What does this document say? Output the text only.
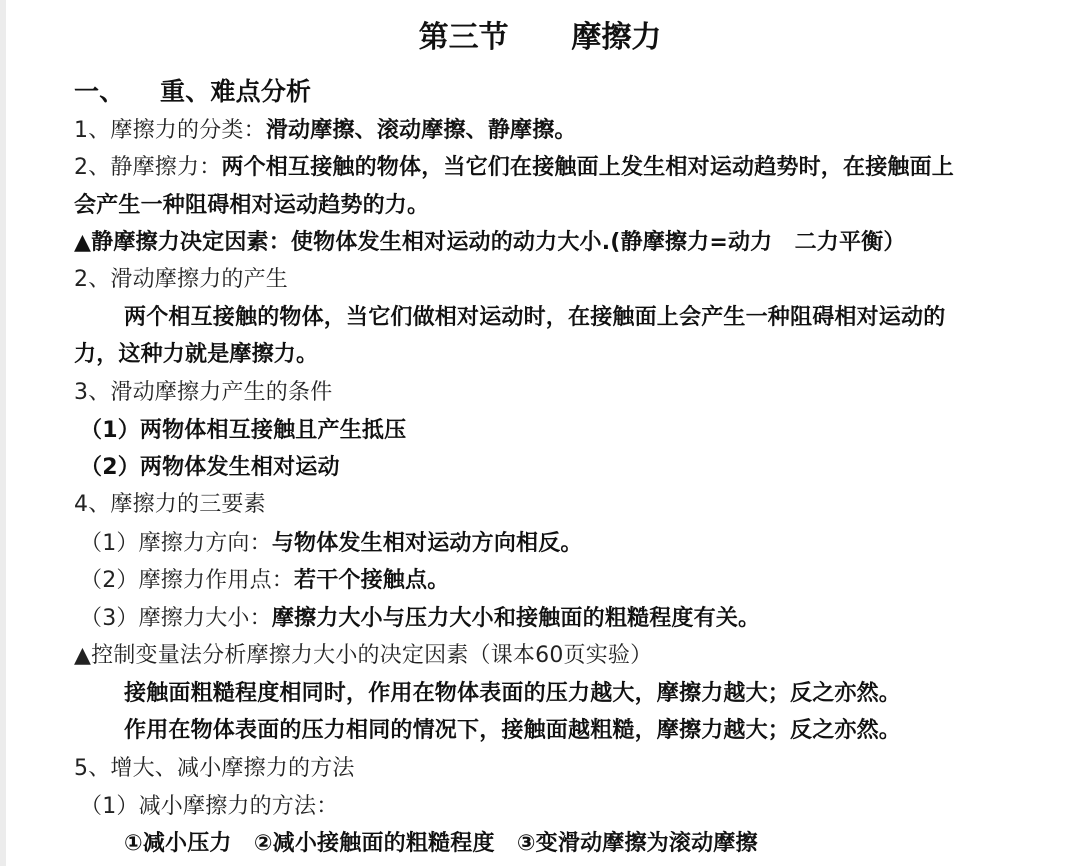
第三节      摩擦力
一、    重、难点分析
1、摩擦力的分类：滑动摩擦、滚动摩擦、静摩擦。
2、静摩擦力：两个相互接触的物体，当它们在接触面上发生相对运动趋势时，在接触面上
会产生一种阻碍相对运动趋势的力。
▲静摩擦力决定因素：使物体发生相对运动的动力大小.(静摩擦力=动力　二力平衡）
2、滑动摩擦力的产生
两个相互接触的物体，当它们做相对运动时，在接触面上会产生一种阻碍相对运动的
力，这种力就是摩擦力。
3、滑动摩擦力产生的条件
（1）两物体相互接触且产生抵压
（2）两物体发生相对运动
4、摩擦力的三要素
（1）摩擦力方向：与物体发生相对运动方向相反。
（2）摩擦力作用点：若干个接触点。
（3）摩擦力大小：摩擦力大小与压力大小和接触面的粗糙程度有关。
▲控制变量法分析摩擦力大小的决定因素（课本60页实验）
接触面粗糙程度相同时，作用在物体表面的压力越大，摩擦力越大；反之亦然。
作用在物体表面的压力相同的情况下，接触面越粗糙，摩擦力越大；反之亦然。
5、增大、减小摩擦力的方法
（1）减小摩擦力的方法：
①减小压力　②减小接触面的粗糙程度　③变滑动摩擦为滚动摩擦
